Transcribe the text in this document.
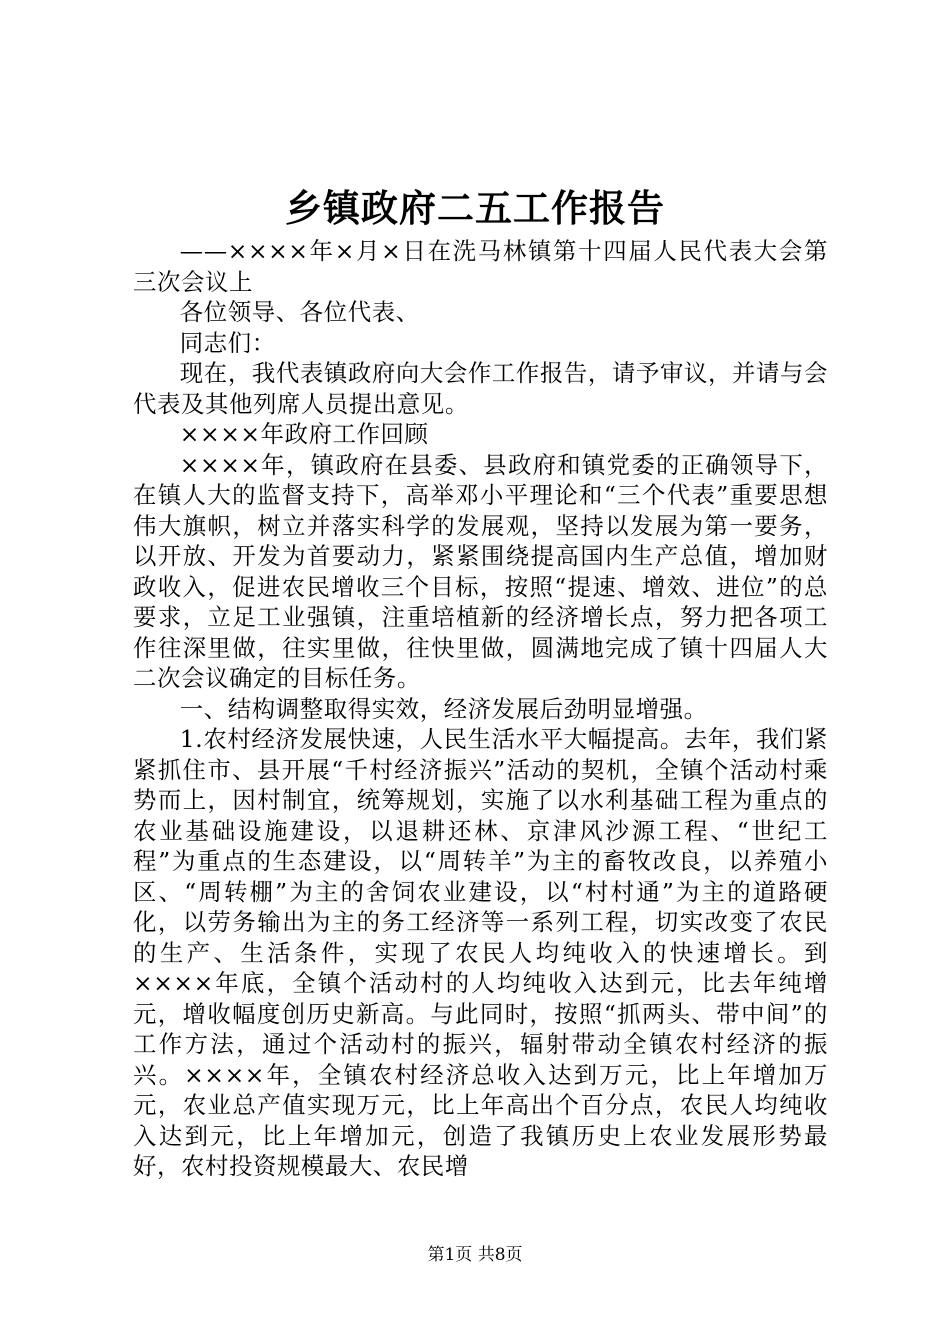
乡镇政府二五工作报告

——××××年×月×日在洗马林镇第十四届人民代表大会第三次会议上

各位领导、各位代表、

同志们：

现在，我代表镇政府向大会作工作报告，请予审议，并请与会代表及其他列席人员提出意见。

××××年政府工作回顾

××××年，镇政府在县委、县政府和镇党委的正确领导下，在镇人大的监督支持下，高举邓小平理论和“三个代表”重要思想伟大旗帜，树立并落实科学的发展观，坚持以发展为第一要务，以开放、开发为首要动力，紧紧围绕提高国内生产总值，增加财政收入，促进农民增收三个目标，按照“提速、增效、进位”的总要求，立足工业强镇，注重培植新的经济增长点，努力把各项工作往深里做，往实里做，往快里做，圆满地完成了镇十四届人大二次会议确定的目标任务。

一、结构调整取得实效，经济发展后劲明显增强。

1.农村经济发展快速，人民生活水平大幅提高。去年，我们紧紧抓住市、县开展“千村经济振兴”活动的契机，全镇个活动村乘势而上，因村制宜，统筹规划，实施了以水利基础工程为重点的农业基础设施建设，以退耕还林、京津风沙源工程、“世纪工程”为重点的生态建设，以“周转羊”为主的畜牧改良，以养殖小区、“周转棚”为主的舍饲农业建设，以“村村通”为主的道路硬化，以劳务输出为主的务工经济等一系列工程，切实改变了农民的生产、生活条件，实现了农民人均纯收入的快速增长。到××××年底，全镇个活动村的人均纯收入达到元，比去年纯增元，增收幅度创历史新高。与此同时，按照“抓两头、带中间”的工作方法，通过个活动村的振兴，辐射带动全镇农村经济的振兴。××××年，全镇农村经济总收入达到万元，比上年增加万元，农业总产值实现万元，比上年高出个百分点，农民人均纯收入达到元，比上年增加元，创造了我镇历史上农业发展形势最好，农村投资规模最大、农民增

第1页 共8页
